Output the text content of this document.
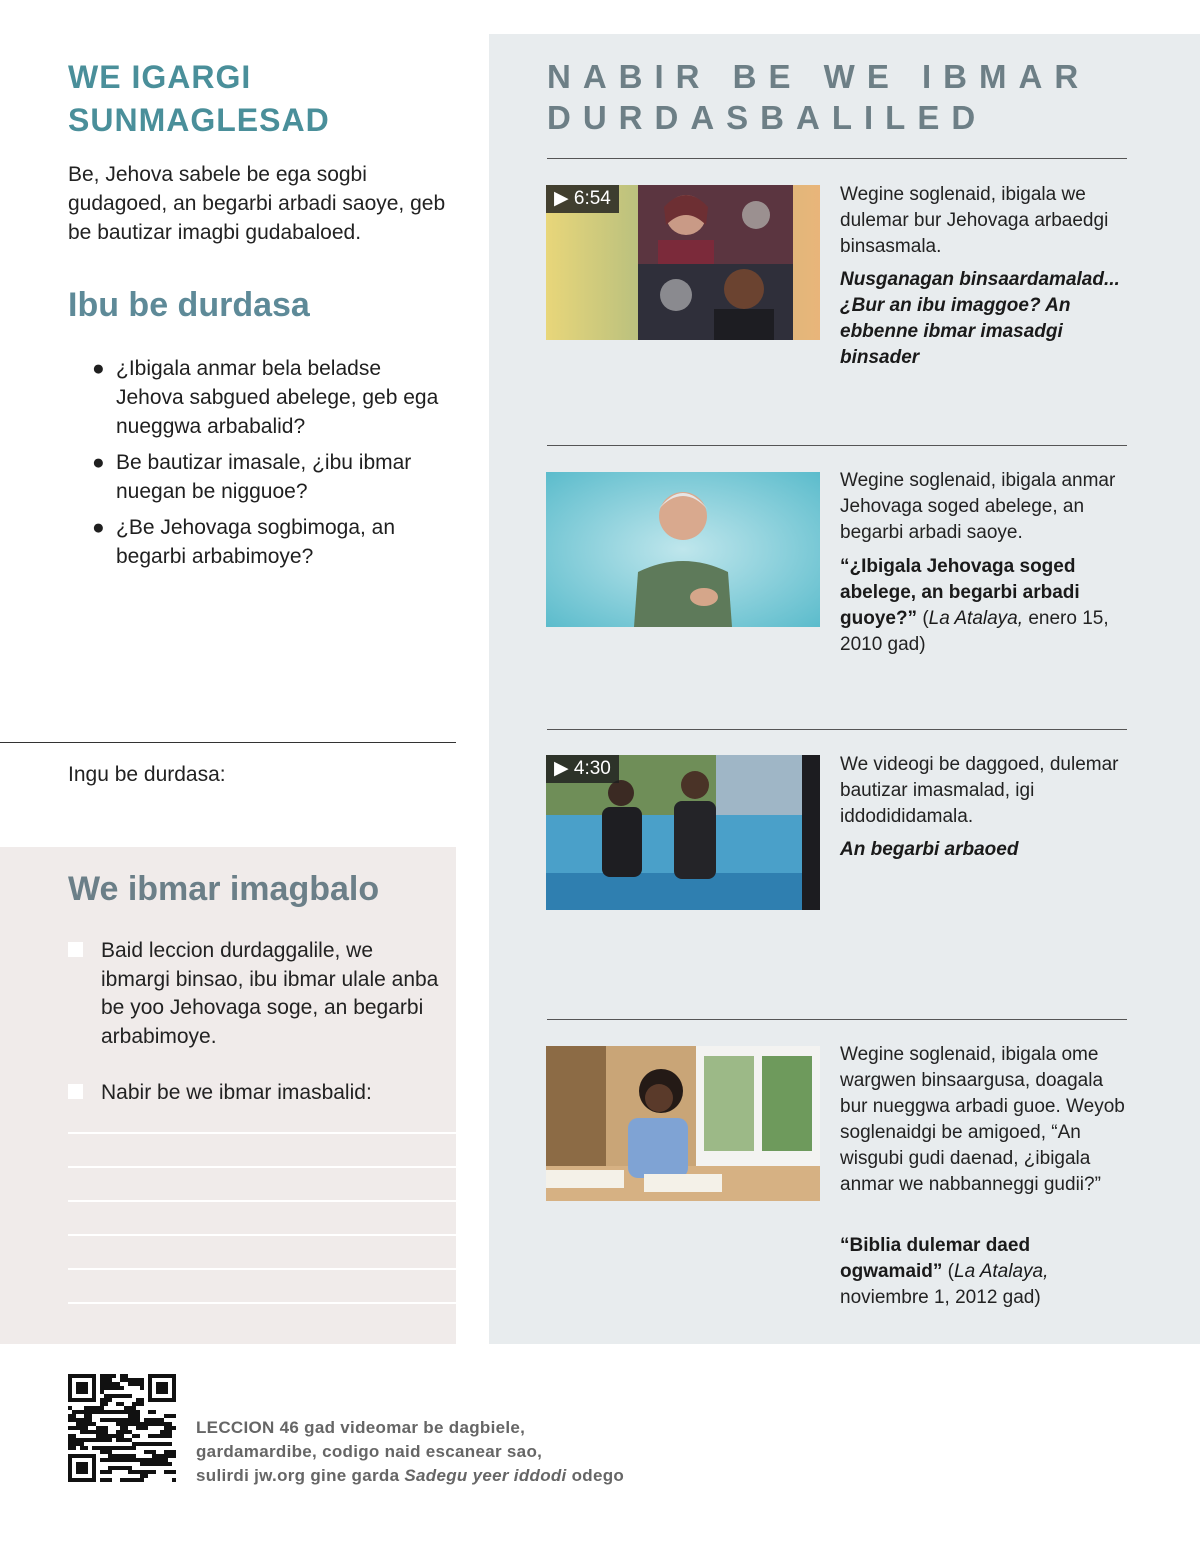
WE IGARGI
SUNMAGLESAD
Be, Jehova sabele be ega sogbi gudagoed, an begarbi arbadi saoye, geb be bautizar imagbi gudabaloed.
Ibu be durdasa
● ¿Ibigala anmar bela beladse Jehova sabgued abelege, geb ega nueggwa arbabalid?
● Be bautizar imasale, ¿ibu ibmar nuegan be nigguoe?
● ¿Be Jehovaga sogbimoga, an begarbi arbabimoye?
Ingu be durdasa:
We ibmar imagbalo
Baid leccion durdaggalile, we ibmargi binsao, ibu ibmar ulale anba be yoo Jehovaga soge, an begarbi arbabimoye.
Nabir be we ibmar imasbalid:
NABIR BE WE IBMAR
DURDASBALILED
▶ 6:54	Wegine soglenaid, ibigala we dulemar bur Jehovaga arbaedgi binsasmala.
Nusganagan binsaardamalad... ¿Bur an ibu imaggoe? An ebbenne ibmar imasadgi binsader
Wegine soglenaid, ibigala anmar Jehovaga soged abelege, an begarbi arbadi saoye.
“¿Ibigala Jehovaga soged abelege, an begarbi arbadi guoye?” (La Atalaya, enero 15, 2010 gad)
▶ 4:30	We videogi be daggoed, dulemar bautizar imasmalad, igi iddodididamala.
An begarbi arbaoed
Wegine soglenaid, ibigala ome wargwen binsaargusa, doagala bur nueggwa arbadi guoe. Weyob soglenaidgi be amigoed, “An wisgubi gudi daenad, ¿ibigala anmar we nabbanneggi gudii?”
“Biblia dulemar daed ogwamaid” (La Atalaya, noviembre 1, 2012 gad)
LECCION 46 gad videomar be dagbiele,
gardamardibe, codigo naid escanear sao,
sulirdi jw.org gine garda Sadegu yeer iddodi odego
